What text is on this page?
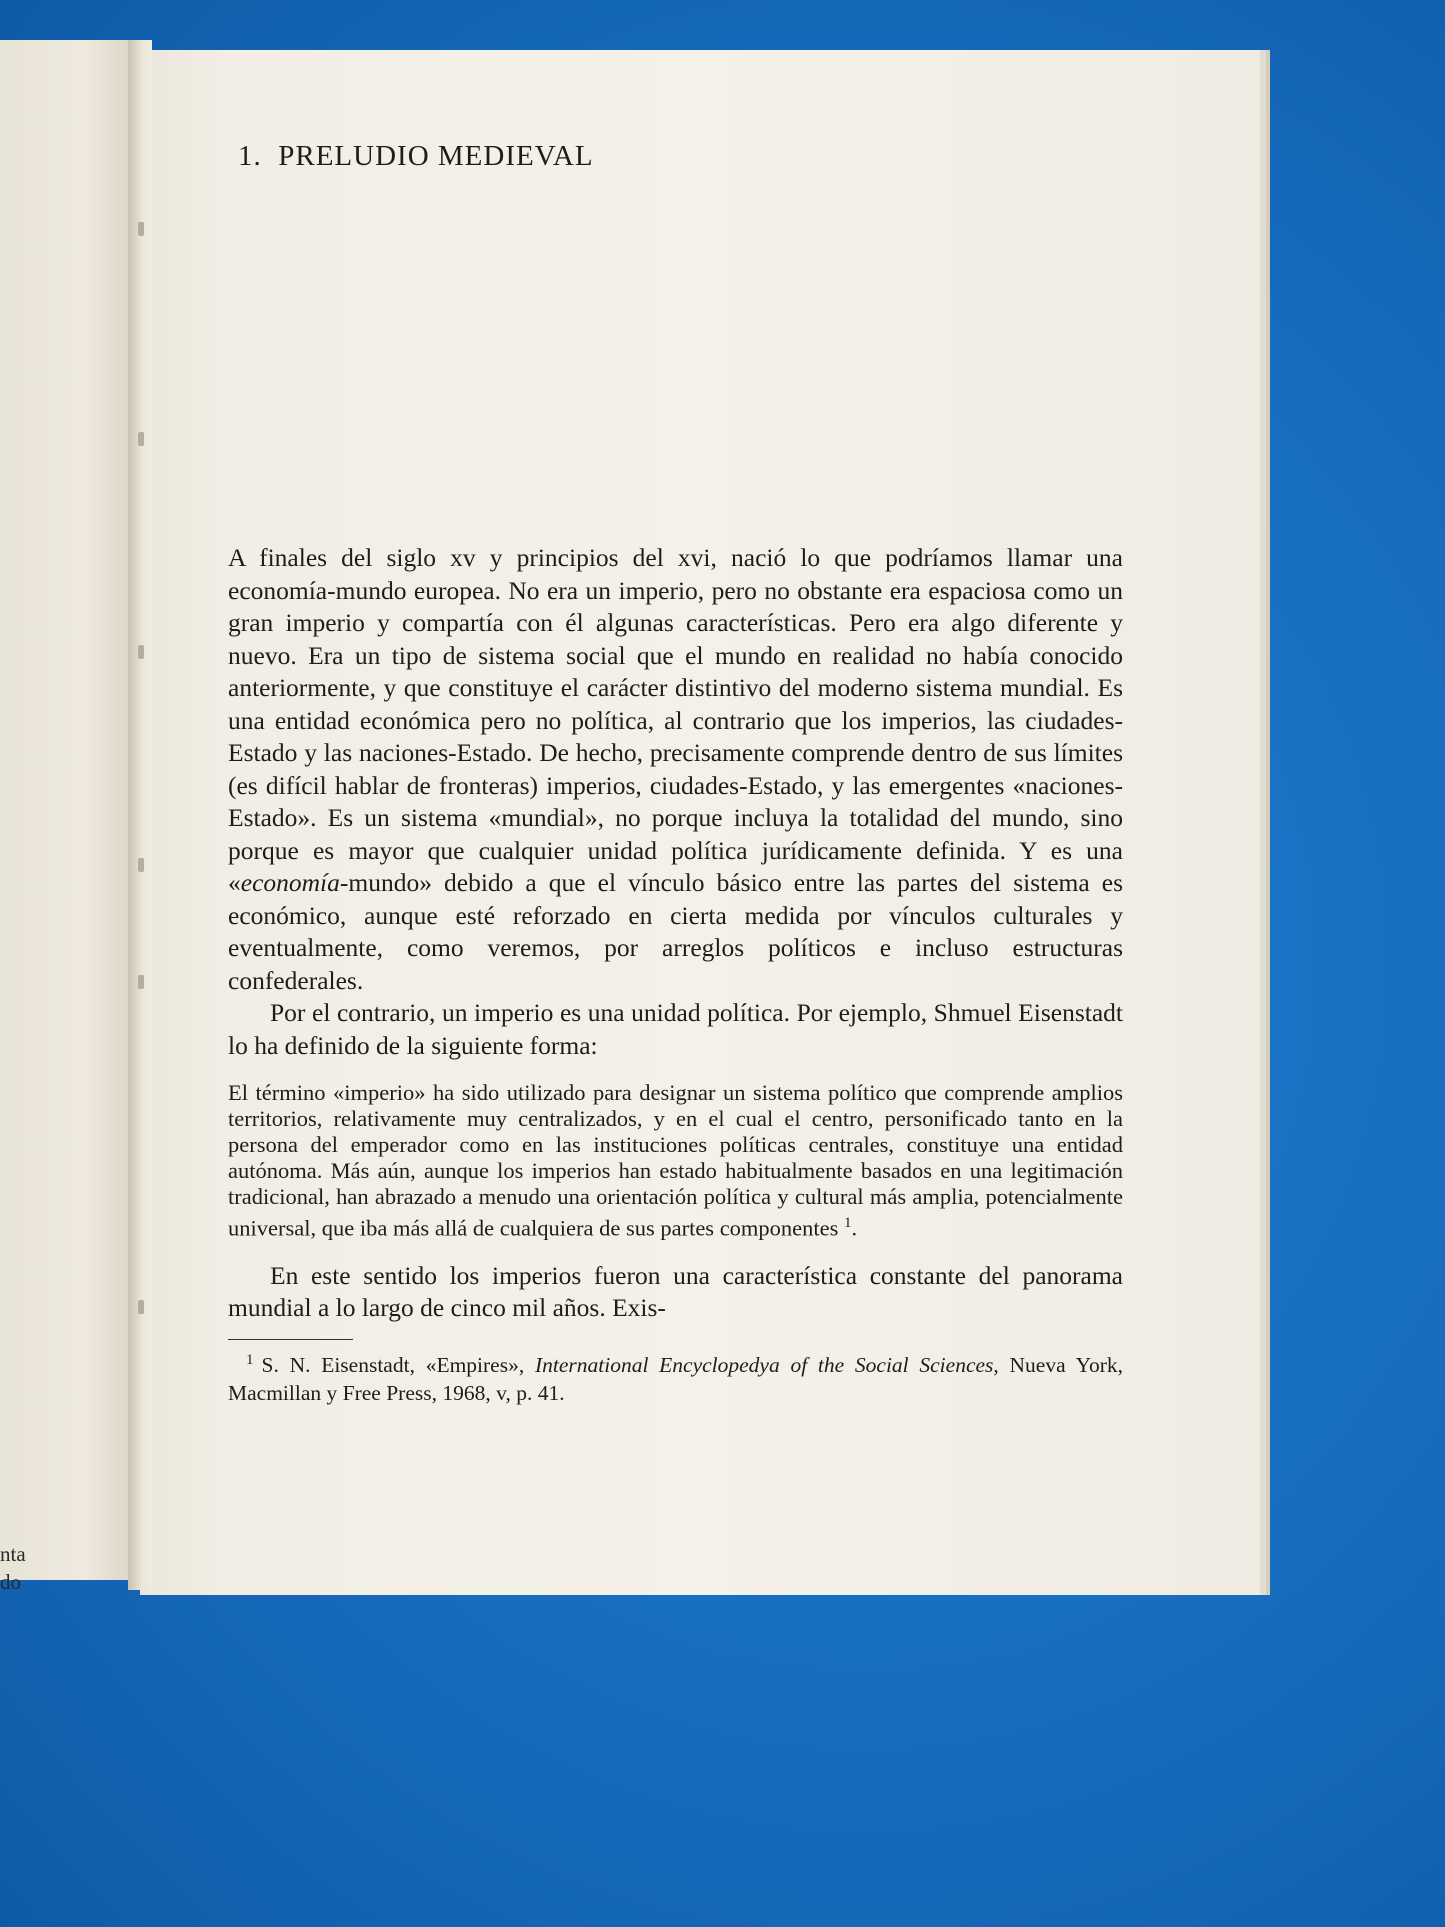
nta
do
1. PRELUDIO MEDIEVAL

A finales del siglo xv y principios del xvi, nació lo que podríamos llamar una economía-mundo europea. No era un imperio, pero no obstante era espaciosa como un gran imperio y compartía con él algunas características. Pero era algo diferente y nuevo. Era un tipo de sistema social que el mundo en realidad no había conocido anteriormente, y que constituye el carácter distintivo del moderno sistema mundial. Es una entidad económica pero no política, al contrario que los imperios, las ciudades-Estado y las naciones-Estado. De hecho, precisamente comprende dentro de sus límites (es difícil hablar de fronteras) imperios, ciudades-Estado, y las emergentes «naciones-Estado». Es un sistema «mundial», no porque incluya la totalidad del mundo, sino porque es mayor que cualquier unidad política jurídicamente definida. Y es una «economía-mundo» debido a que el vínculo básico entre las partes del sistema es económico, aunque esté reforzado en cierta medida por vínculos culturales y eventualmente, como veremos, por arreglos políticos e incluso estructuras confederales.

Por el contrario, un imperio es una unidad política. Por ejemplo, Shmuel Eisenstadt lo ha definido de la siguiente forma:

El término «imperio» ha sido utilizado para designar un sistema político que comprende amplios territorios, relativamente muy centralizados, y en el cual el centro, personificado tanto en la persona del emperador como en las instituciones políticas centrales, constituye una entidad autónoma. Más aún, aunque los imperios han estado habitualmente basados en una legitimación tradicional, han abrazado a menudo una orientación política y cultural más amplia, potencialmente universal, que iba más allá de cualquiera de sus partes componentes $^1$.

En este sentido los imperios fueron una característica constante del panorama mundial a lo largo de cinco mil años. Exis-

$^1$ S. N. Eisenstadt, «Empires», International Encyclopedya of the Social Sciences, Nueva York, Macmillan y Free Press, 1968, v, p. 41.
